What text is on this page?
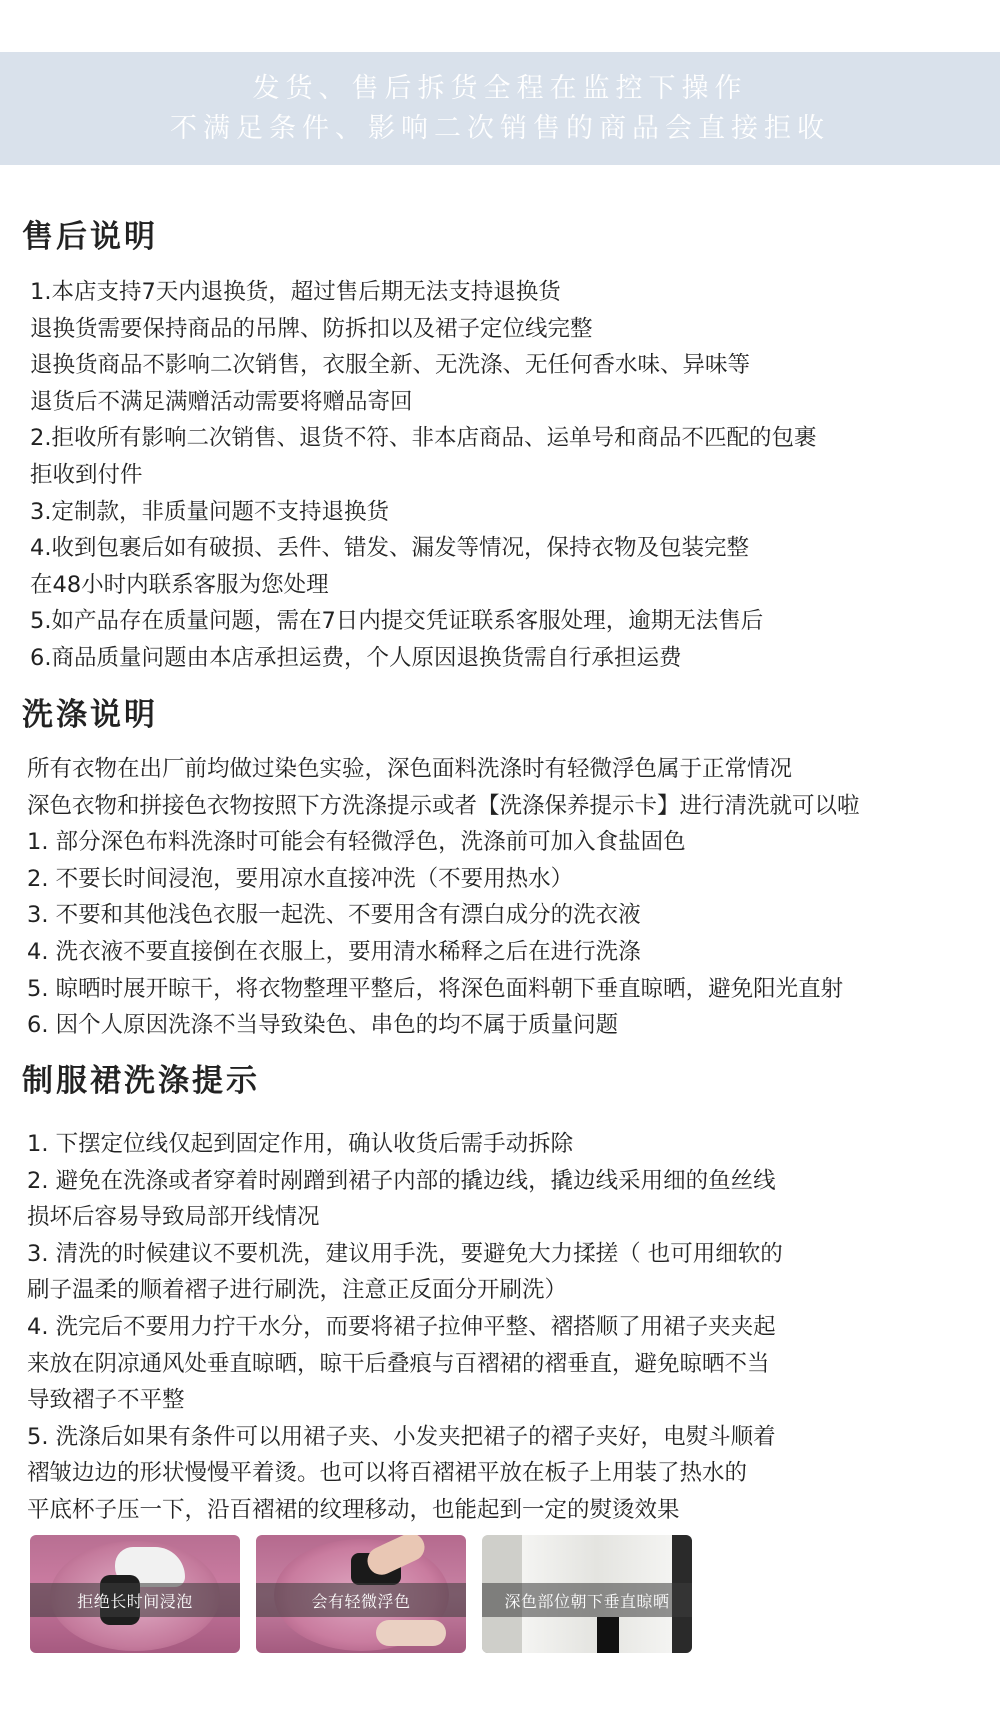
发货、售后拆货全程在监控下操作
不满足条件、影响二次销售的商品会直接拒收
售后说明
1.本店支持7天内退换货，超过售后期无法支持退换货
退换货需要保持商品的吊牌、防拆扣以及裙子定位线完整
退换货商品不影响二次销售，衣服全新、无洗涤、无任何香水味、异味等
退货后不满足满赠活动需要将赠品寄回
2.拒收所有影响二次销售、退货不符、非本店商品、运单号和商品不匹配的包裹
拒收到付件
3.定制款，非质量问题不支持退换货
4.收到包裹后如有破损、丢件、错发、漏发等情况，保持衣物及包装完整
在48小时内联系客服为您处理
5.如产品存在质量问题，需在7日内提交凭证联系客服处理，逾期无法售后
6.商品质量问题由本店承担运费，个人原因退换货需自行承担运费
洗涤说明
所有衣物在出厂前均做过染色实验，深色面料洗涤时有轻微浮色属于正常情况
深色衣物和拼接色衣物按照下方洗涤提示或者【洗涤保养提示卡】进行清洗就可以啦
1. 部分深色布料洗涤时可能会有轻微浮色，洗涤前可加入食盐固色
2. 不要长时间浸泡，要用凉水直接冲洗（不要用热水）
3. 不要和其他浅色衣服一起洗、不要用含有漂白成分的洗衣液
4. 洗衣液不要直接倒在衣服上，要用清水稀释之后在进行洗涤
5. 晾晒时展开晾干，将衣物整理平整后，将深色面料朝下垂直晾晒，避免阳光直射
6. 因个人原因洗涤不当导致染色、串色的均不属于质量问题
制服裙洗涤提示
1. 下摆定位线仅起到固定作用，确认收货后需手动拆除
2. 避免在洗涤或者穿着时剐蹭到裙子内部的撬边线，撬边线采用细的鱼丝线
损坏后容易导致局部开线情况
3. 清洗的时候建议不要机洗，建议用手洗，要避免大力揉搓（ 也可用细软的
刷子温柔的顺着褶子进行刷洗，注意正反面分开刷洗）
4. 洗完后不要用力拧干水分，而要将裙子拉伸平整、褶搭顺了用裙子夹夹起
来放在阴凉通风处垂直晾晒，晾干后叠痕与百褶裙的褶垂直，避免晾晒不当
导致褶子不平整
5. 洗涤后如果有条件可以用裙子夹、小发夹把裙子的褶子夹好，电熨斗顺着
褶皱边边的形状慢慢平着烫。也可以将百褶裙平放在板子上用装了热水的
平底杯子压一下，沿百褶裙的纹理移动，也能起到一定的熨烫效果
拒绝长时间浸泡	会有轻微浮色	深色部位朝下垂直晾晒
